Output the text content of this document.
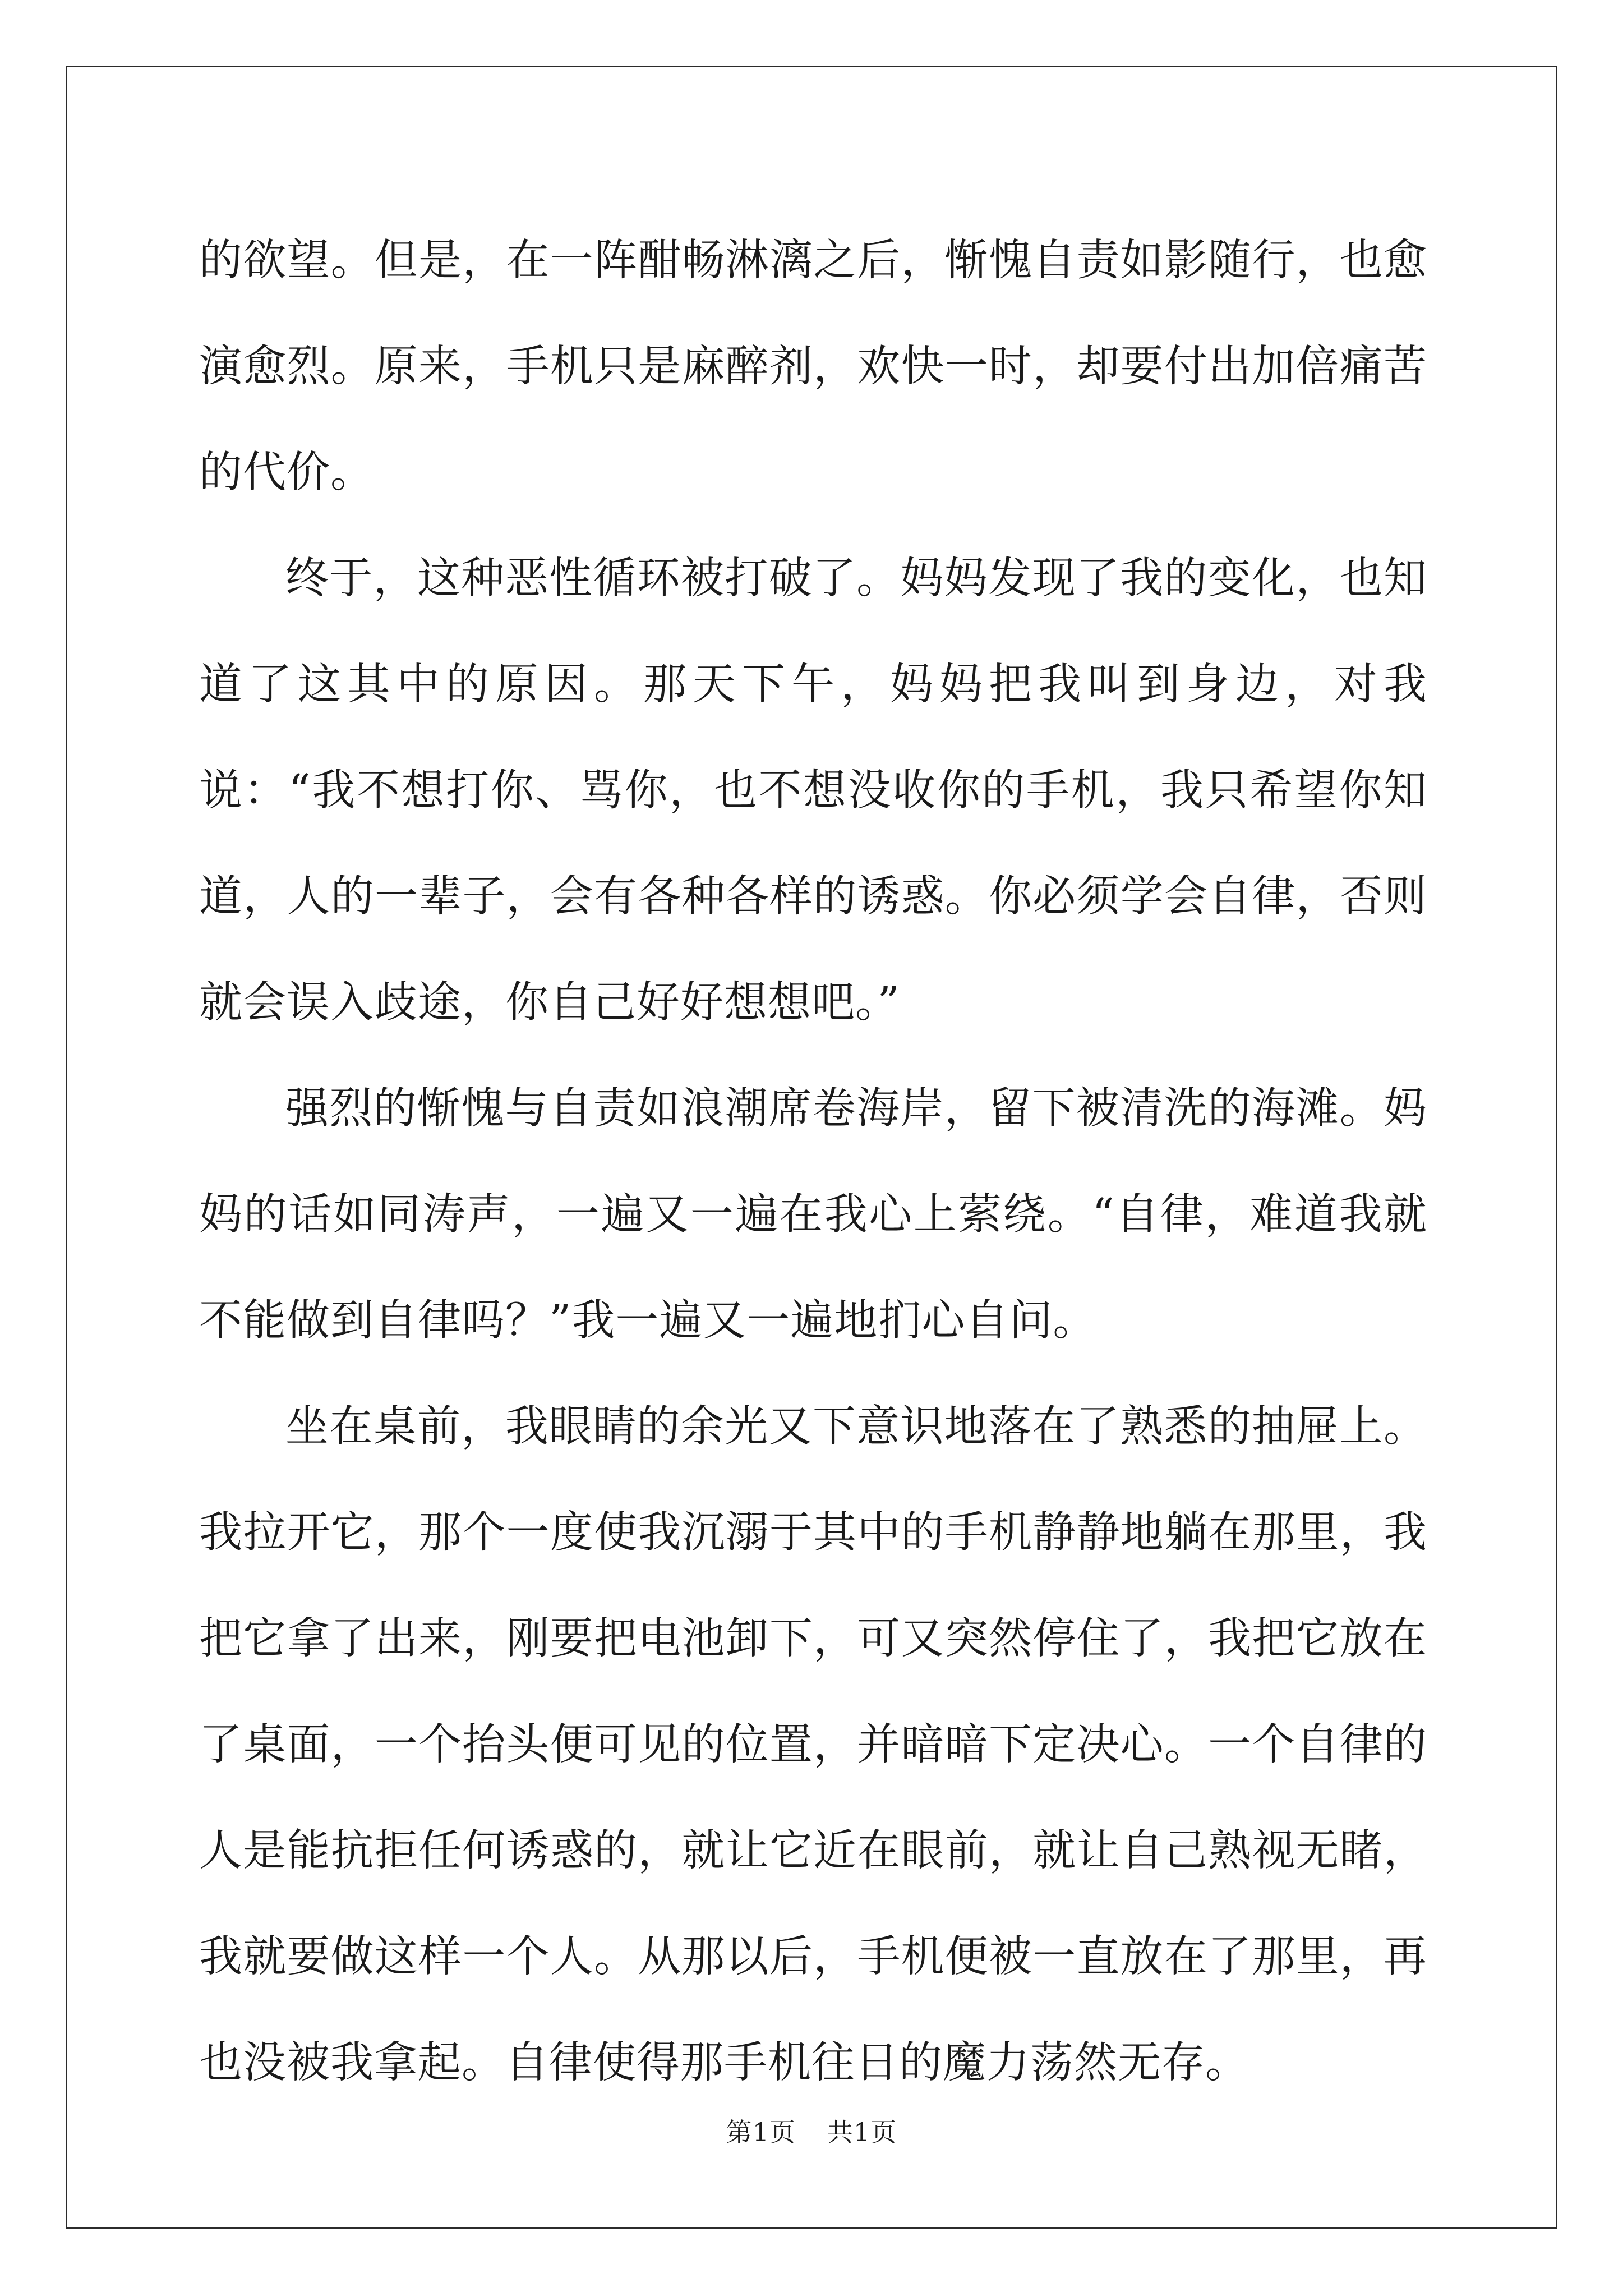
的欲望。但是，在一阵酣畅淋漓之后，惭愧自责如影随行，也愈演愈烈。原来，手机只是麻醉剂，欢快一时，却要付出加倍痛苦的代价。

终于，这种恶性循环被打破了。妈妈发现了我的变化，也知道了这其中的原因。那天下午，妈妈把我叫到身边，对我说：“我不想打你、骂你，也不想没收你的手机，我只希望你知道，人的一辈子，会有各种各样的诱惑。你必须学会自律，否则就会误入歧途，你自己好好想想吧。”

强烈的惭愧与自责如浪潮席卷海岸，留下被清洗的海滩。妈妈的话如同涛声，一遍又一遍在我心上萦绕。“自律，难道我就不能做到自律吗？”我一遍又一遍地扪心自问。

坐在桌前，我眼睛的余光又下意识地落在了熟悉的抽屉上。我拉开它，那个一度使我沉溺于其中的手机静静地躺在那里，我把它拿了出来，刚要把电池卸下，可又突然停住了，我把它放在了桌面，一个抬头便可见的位置，并暗暗下定决心。一个自律的人是能抗拒任何诱惑的，就让它近在眼前，就让自己熟视无睹，我就要做这样一个人。从那以后，手机便被一直放在了那里，再也没被我拿起。自律使得那手机往日的魔力荡然无存。

第1页 共1页
